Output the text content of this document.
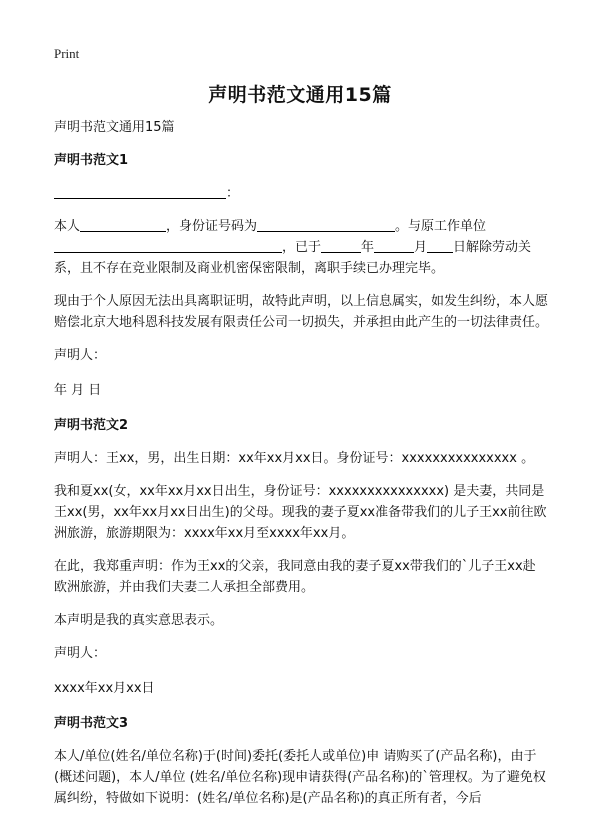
Print
声明书范文通用15篇

声明书范文通用15篇

声明书范文1

：

本人	，身份证号码为	。与原工作单位
，已于	年	月 日解除劳动关系，且不存在竞业限制及商业机密保密限制，离职手续已办理完毕。

现由于个人原因无法出具离职证明，故特此声明，以上信息属实，如发生纠纷，本人愿赔偿北京大地科恩科技发展有限责任公司一切损失，并承担由此产生的一切法律责任。

声明人：

年 月 日

声明书范文2

声明人：王xx，男，出生日期：xx年xx月xx日。身份证号：xxxxxxxxxxxxxxx 。

我和夏xx(女，xx年xx月xx日出生，身份证号：xxxxxxxxxxxxxxx) 是夫妻，共同是王xx(男，xx年xx月xx日出生)的父母。现我的妻子夏xx准备带我们的儿子王xx前往欧洲旅游，旅游期限为：xxxx年xx月至xxxx年xx月。

在此，我郑重声明：作为王xx的父亲，我同意由我的妻子夏xx带我们的`儿子王xx赴欧洲旅游，并由我们夫妻二人承担全部费用。

本声明是我的真实意思表示。

声明人：

xxxx年xx月xx日

声明书范文3

本人/单位(姓名/单位名称)于(时间)委托(委托人或单位)申 请购买了(产品名称)，由于(概述问题)，本人/单位 (姓名/单位名称)现申请获得(产品名称)的`管理权。为了避免权属纠纷，特做如下说明：(姓名/单位名称)是(产品名称)的真正所有者，今后
